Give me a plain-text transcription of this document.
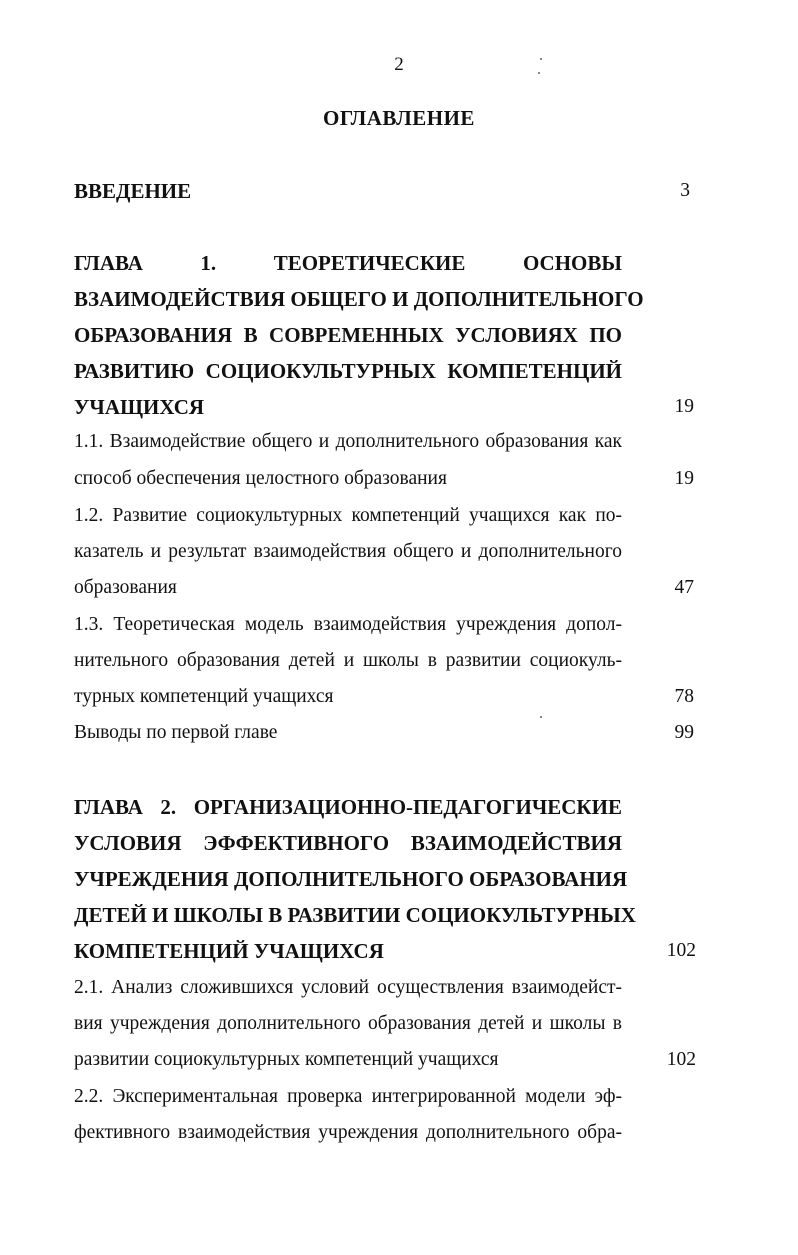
2
ОГЛАВЛЕНИЕ
ВВЕДЕНИЕ	3
ГЛАВА 1. ТЕОРЕТИЧЕСКИЕ ОСНОВЫ
ВЗАИМОДЕЙСТВИЯ ОБЩЕГО И ДОПОЛНИТЕЛЬНОГО
ОБРАЗОВАНИЯ В СОВРЕМЕННЫХ УСЛОВИЯХ ПО
РАЗВИТИЮ СОЦИОКУЛЬТУРНЫХ КОМПЕТЕНЦИЙ
УЧАЩИХСЯ	19
1.1. Взаимодействие общего и дополнительного образования как
способ обеспечения целостного образования	19
1.2. Развитие социокультурных компетенций учащихся как по-
казатель и результат взаимодействия общего и дополнительного
образования	47
1.3. Теоретическая модель взаимодействия учреждения допол-
нительного образования детей и школы в развитии социокуль-
турных компетенций учащихся	78
Выводы по первой главе	99
ГЛАВА 2. ОРГАНИЗАЦИОННО-ПЕДАГОГИЧЕСКИЕ
УСЛОВИЯ ЭФФЕКТИВНОГО ВЗАИМОДЕЙСТВИЯ
УЧРЕЖДЕНИЯ ДОПОЛНИТЕЛЬНОГО ОБРАЗОВАНИЯ
ДЕТЕЙ И ШКОЛЫ В РАЗВИТИИ СОЦИОКУЛЬТУРНЫХ
КОМПЕТЕНЦИЙ УЧАЩИХСЯ	102
2.1. Анализ сложившихся условий осуществления взаимодейст-
вия учреждения дополнительного образования детей и школы в
развитии социокультурных компетенций учащихся	102
2.2. Экспериментальная проверка интегрированной модели эф-
фективного взаимодействия учреждения дополнительного обра-
